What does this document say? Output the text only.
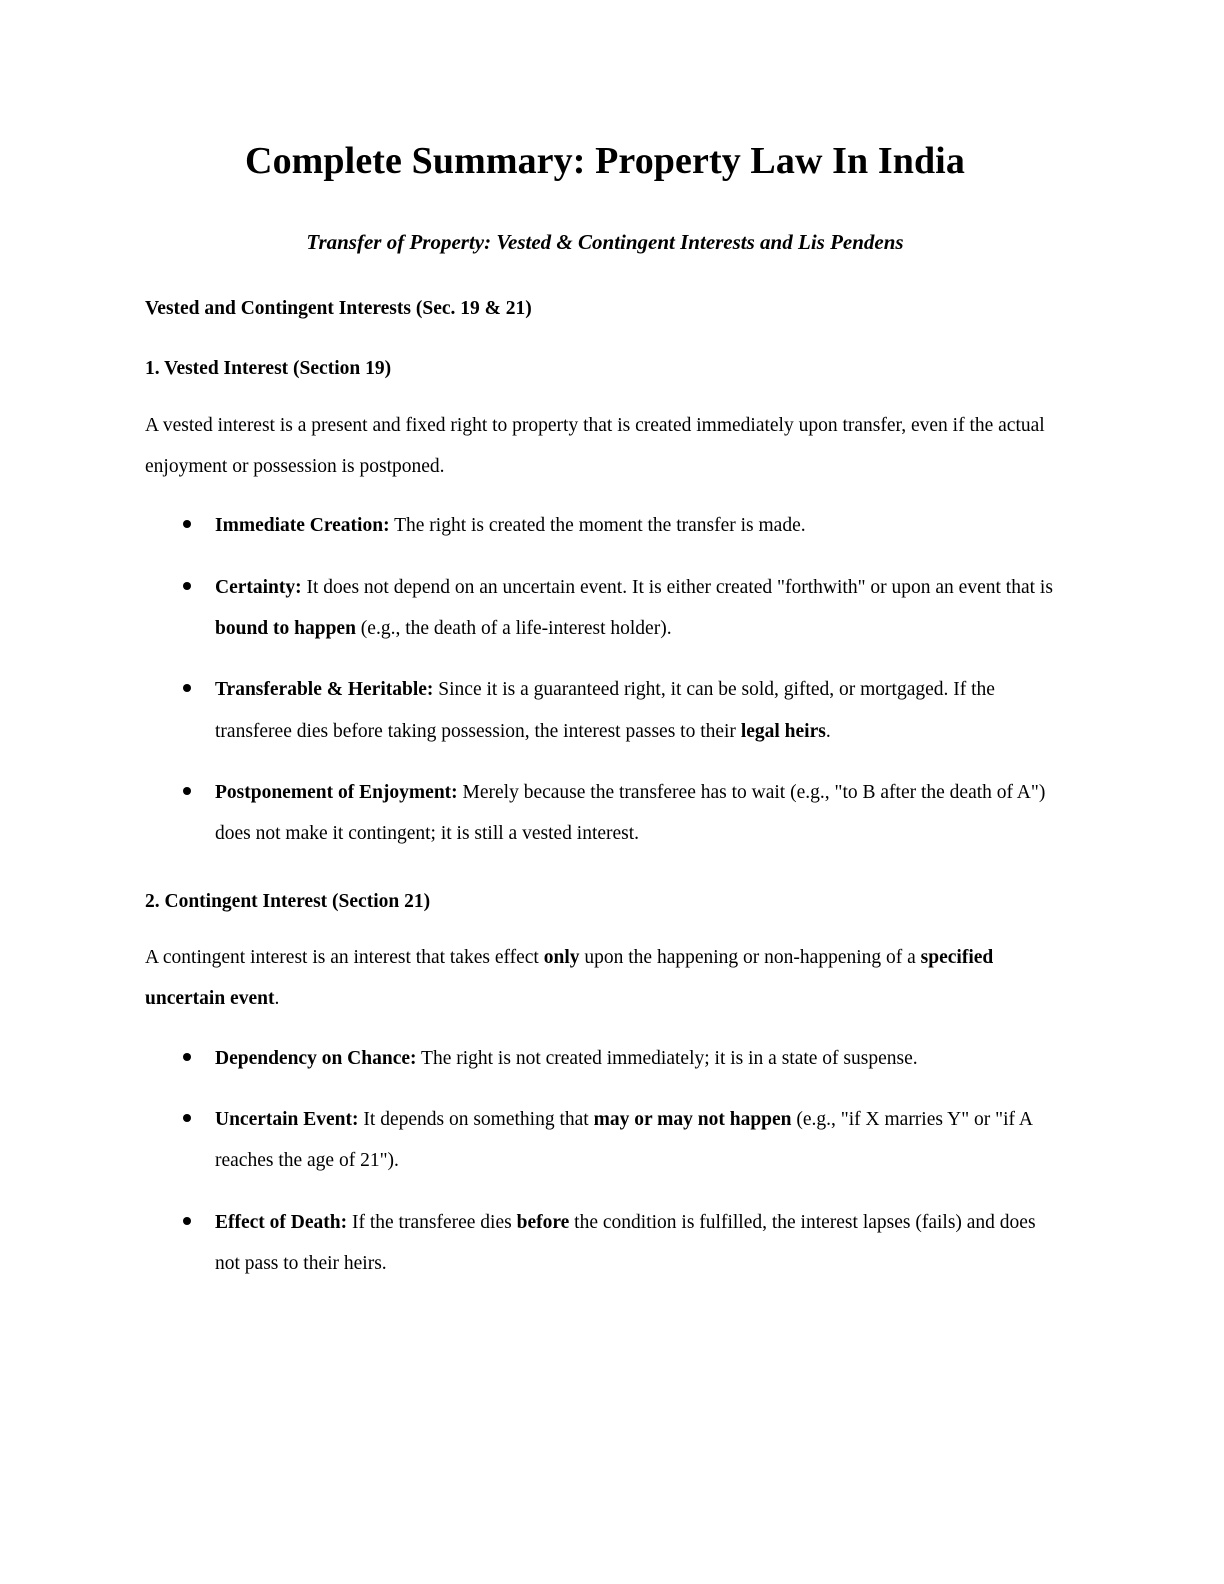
Complete Summary: Property Law In India
Transfer of Property: Vested & Contingent Interests and Lis Pendens
Vested and Contingent Interests (Sec. 19 & 21)
1. Vested Interest (Section 19)

A vested interest is a present and fixed right to property that is created immediately upon transfer, even if the actual enjoyment or possession is postponed.

Immediate Creation: The right is created the moment the transfer is made.
Certainty: It does not depend on an uncertain event. It is either created "forthwith" or upon an event that is bound to happen (e.g., the death of a life-interest holder).
Transferable & Heritable: Since it is a guaranteed right, it can be sold, gifted, or mortgaged. If the transferee dies before taking possession, the interest passes to their legal heirs.
Postponement of Enjoyment: Merely because the transferee has to wait (e.g., "to B after the death of A") does not make it contingent; it is still a vested interest.
2. Contingent Interest (Section 21)

A contingent interest is an interest that takes effect only upon the happening or non-happening of a specified uncertain event.

Dependency on Chance: The right is not created immediately; it is in a state of suspense.
Uncertain Event: It depends on something that may or may not happen (e.g., "if X marries Y" or "if A reaches the age of 21").
Effect of Death: If the transferee dies before the condition is fulfilled, the interest lapses (fails) and does not pass to their heirs.
